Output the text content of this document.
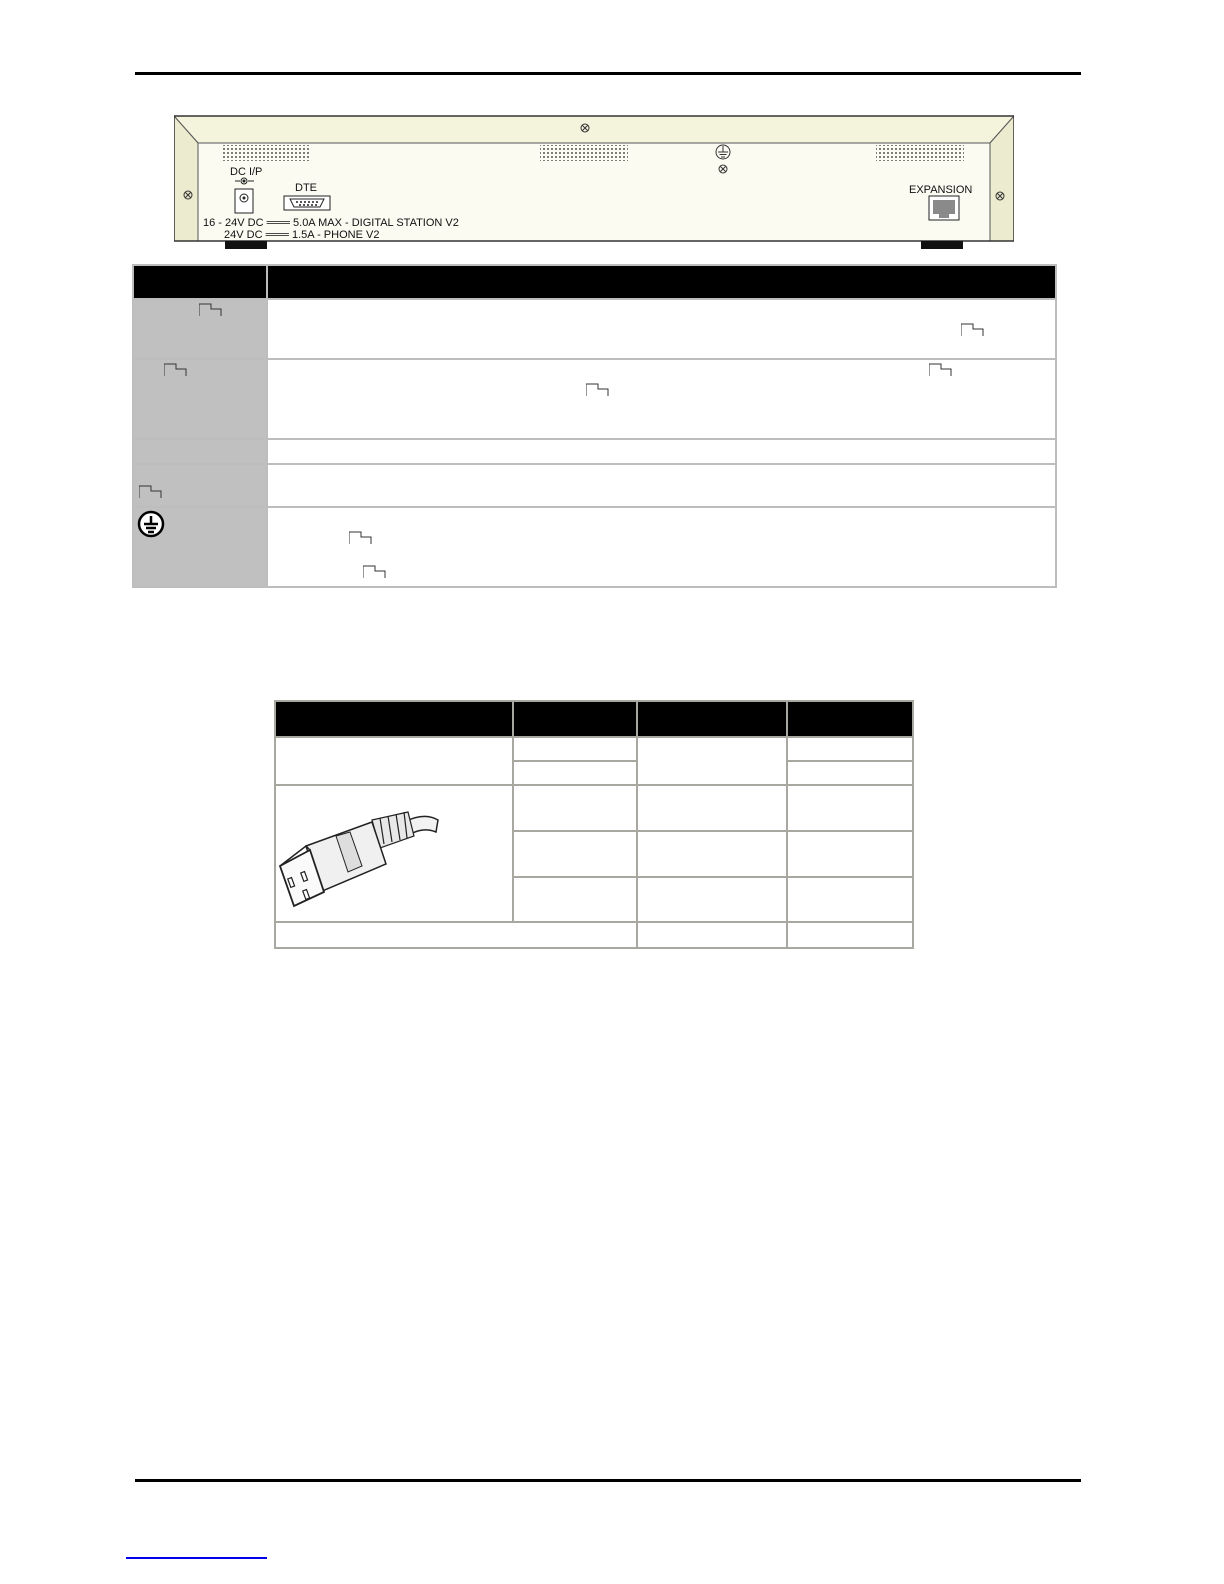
DC I/P
DTE
16 - 24V DC ═══ 5.0A MAX - DIGITAL STATION V2
24V DC ═══ 1.5A - PHONE V2
EXPANSION
